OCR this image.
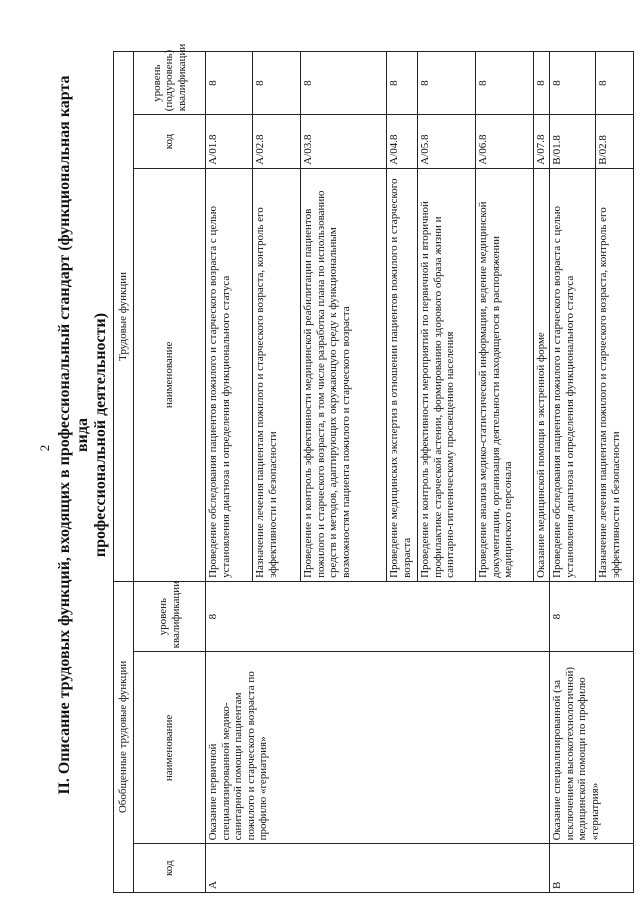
2 II. Описание трудовых функций, входящих в профессиональный стандарт (функциональная карта вида профессиональной деятельности)
Обобщенные трудовые функции			Трудовые функции		
код	наименование	уровень квалификации	наименование	код	уровень (подуровень) квалификации
А	Оказание первичной специализированной медико-санитарной помощи пациентам пожилого и старческого возраста по профилю «гериатрия»	8	Проведение обследования пациентов пожилого и старческого возраста с целью установления диагноза и определения функционального статуса	A/01.8	8
			Назначение лечения пациентам пожилого и старческого возраста, контроль его эффективности и безопасности	A/02.8	8
			Проведение и контроль эффективности медицинской реабилитации пациентов пожилого и старческого возраста, в том числе разработка плана по использованию средств и методов, адаптирующих окружающую среду к функциональным возможностям пациента пожилого и старческого возраста	A/03.8	8
			Проведение медицинских экспертиз в отношении пациентов пожилого и старческого возраста	A/04.8	8
			Проведение и контроль эффективности мероприятий по первичной и вторичной профилактике старческой астении, формированию здорового образа жизни и санитарно-гигиеническому просвещению населения	A/05.8	8
			Проведение анализа медико-статистической информации, ведение медицинской документации, организация деятельности находящегося в распоряжении медицинского персонала	A/06.8	8
			Оказание медицинской помощи в экстренной форме	A/07.8	8
В	Оказание специализированной (за исключением высокотехнологичной) медицинской помощи по профилю «гериатрия»	8	Проведение обследования пациентов пожилого и старческого возраста с целью установления диагноза и определения функционального статуса	B/01.8	8
			Назначение лечения пациентам пожилого и старческого возраста, контроль его эффективности и безопасности	B/02.8	8
